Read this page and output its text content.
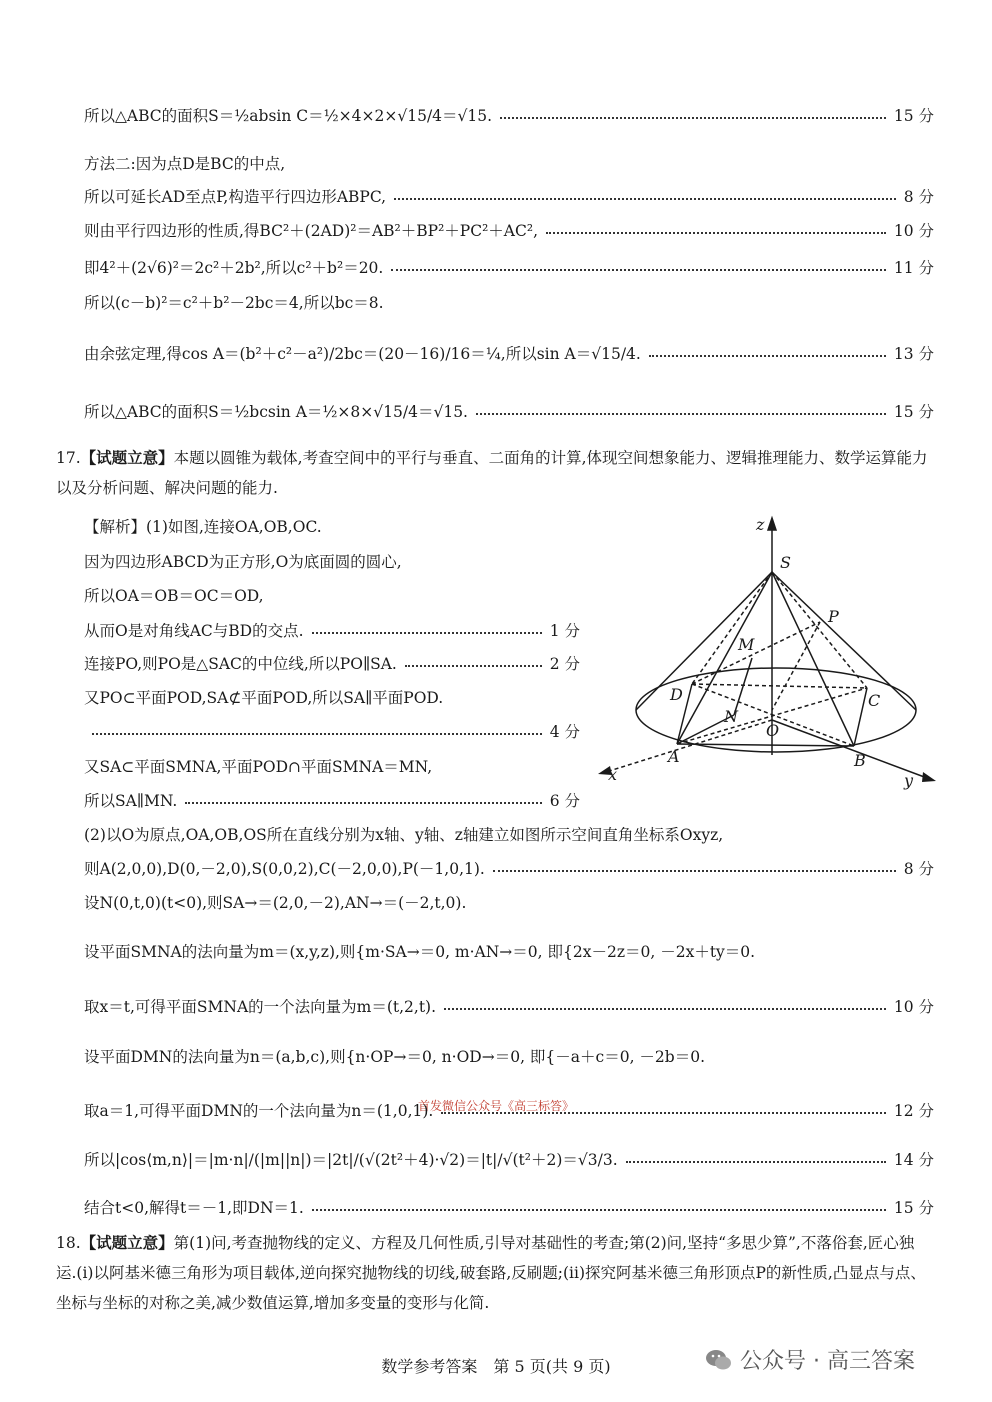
所以△ABC的面积S＝½absin C＝½×4×2×√15/4＝√15.	15 分
方法二:因为点D是BC的中点,
所以可延长AD至点P,构造平行四边形ABPC,	8 分
则由平行四边形的性质,得BC²＋(2AD)²＝AB²＋BP²＋PC²＋AC²,	10 分
即4²＋(2√6)²＝2c²＋2b²,所以c²＋b²＝20.	11 分
所以(c－b)²＝c²＋b²－2bc＝4,所以bc＝8.
由余弦定理,得cos A＝(b²＋c²－a²)/2bc＝(20－16)/16＝¼,所以sin A＝√15/4.	13 分
所以△ABC的面积S＝½bcsin A＝½×8×√15/4＝√15.	15 分
17.【试题立意】本题以圆锥为载体,考查空间中的平行与垂直、二面角的计算,体现空间想象能力、逻辑推理能力、数学运算能力以及分析问题、解决问题的能力.
【解析】(1)如图,连接OA,OB,OC.
因为四边形ABCD为正方形,O为底面圆的圆心,
所以OA＝OB＝OC＝OD,
从而O是对角线AC与BD的交点.	1 分
连接PO,则PO是△SAC的中位线,所以PO∥SA.	2 分
又PO⊂平面POD,SA⊄平面POD,所以SA∥平面POD.
4 分
又SA⊂平面SMNA,平面POD∩平面SMNA＝MN,
所以SA∥MN.	6 分
z
S
P
M
D	C
N
O
A	B
x	y
(2)以O为原点,OA,OB,OS所在直线分别为x轴、y轴、z轴建立如图所示空间直角坐标系Oxyz,
则A(2,0,0),D(0,－2,0),S(0,0,2),C(－2,0,0),P(－1,0,1).	8 分
设N(0,t,0)(t<0),则SA→＝(2,0,－2),AN→＝(－2,t,0).
设平面SMNA的法向量为m＝(x,y,z),则{m·SA→＝0, m·AN→＝0, 即{2x－2z＝0, －2x＋ty＝0.
取x＝t,可得平面SMNA的一个法向量为m＝(t,2,t).	10 分
设平面DMN的法向量为n＝(a,b,c),则{n·OP→＝0, n·OD→＝0, 即{－a＋c＝0, －2b＝0.
首发微信公众号《高三标答》
取a＝1,可得平面DMN的一个法向量为n＝(1,0,1).	12 分
所以|cos⟨m,n⟩|＝|m·n|/(|m||n|)＝|2t|/(√(2t²＋4)·√2)＝|t|/√(t²＋2)＝√3/3.	14 分
结合t<0,解得t＝－1,即DN＝1.	15 分
18.【试题立意】第(1)问,考查抛物线的定义、方程及几何性质,引导对基础性的考查;第(2)问,坚持“多思少算”,不落俗套,匠心独运.(i)以阿基米德三角形为项目载体,逆向探究抛物线的切线,破套路,反刷题;(ii)探究阿基米德三角形顶点P的新性质,凸显点与点、坐标与坐标的对称之美,减少数值运算,增加多变量的变形与化简.
数学参考答案　第 5 页(共 9 页)	公众号 · 高三答案
